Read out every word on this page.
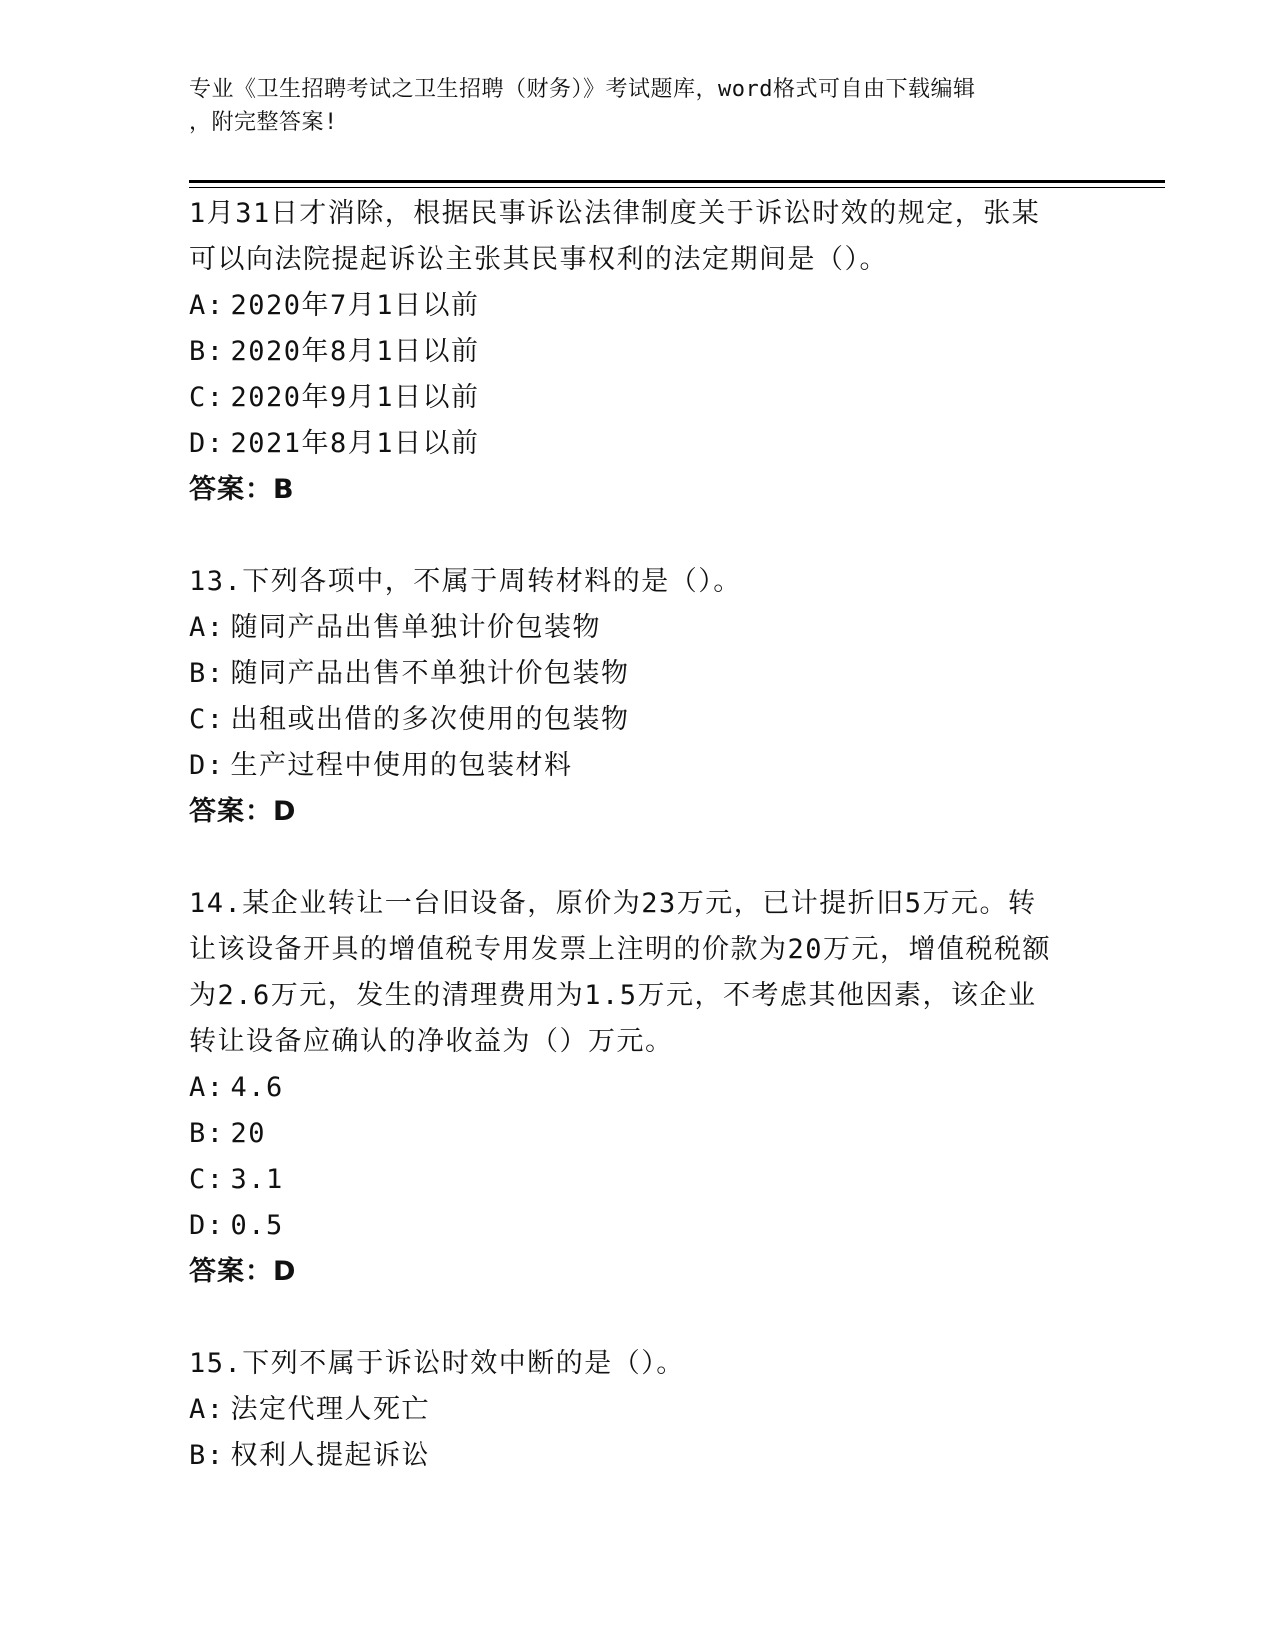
专业《卫生招聘考试之卫生招聘（财务）》考试题库，word格式可自由下载编辑
，附完整答案!
1月31日才消除，根据民事诉讼法律制度关于诉讼时效的规定，张某
可以向法院提起诉讼主张其民事权利的法定期间是（）。
A: 2020年7月1日以前
B: 2020年8月1日以前
C: 2020年9月1日以前
D: 2021年8月1日以前
答案：B
13.下列各项中，不属于周转材料的是（）。
A: 随同产品出售单独计价包装物
B: 随同产品出售不单独计价包装物
C: 出租或出借的多次使用的包装物
D: 生产过程中使用的包装材料
答案：D
14.某企业转让一台旧设备，原价为23万元，已计提折旧5万元。转
让该设备开具的增值税专用发票上注明的价款为20万元，增值税税额
为2.6万元，发生的清理费用为1.5万元，不考虑其他因素，该企业
转让设备应确认的净收益为（）万元。
A: 4.6
B: 20
C: 3.1
D: 0.5
答案：D
15.下列不属于诉讼时效中断的是（）。
A: 法定代理人死亡
B: 权利人提起诉讼
